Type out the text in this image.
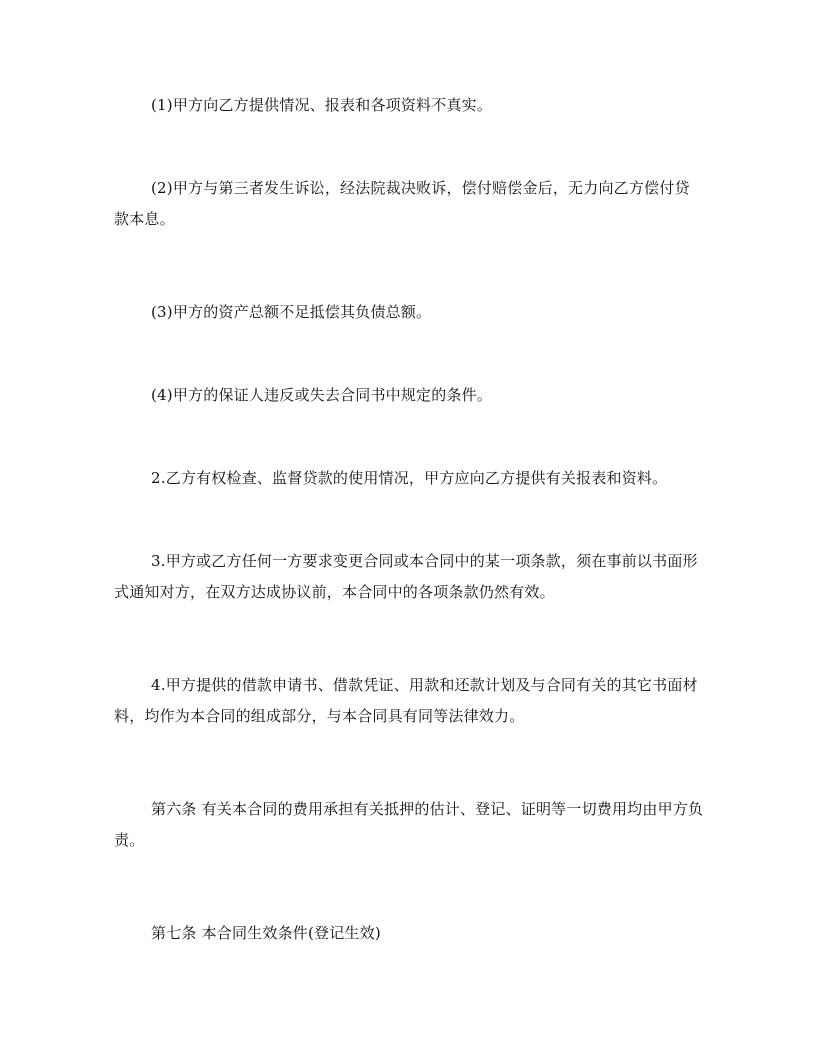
(1)甲方向乙方提供情况、报表和各项资料不真实。

(2)甲方与第三者发生诉讼，经法院裁决败诉，偿付赔偿金后，无力向乙方偿付贷款本息。

(3)甲方的资产总额不足抵偿其负债总额。

(4)甲方的保证人违反或失去合同书中规定的条件。

2.乙方有权检查、监督贷款的使用情况，甲方应向乙方提供有关报表和资料。

3.甲方或乙方任何一方要求变更合同或本合同中的某一项条款，须在事前以书面形式通知对方，在双方达成协议前，本合同中的各项条款仍然有效。

4.甲方提供的借款申请书、借款凭证、用款和还款计划及与合同有关的其它书面材料，均作为本合同的组成部分，与本合同具有同等法律效力。

第六条 有关本合同的费用承担有关抵押的估计、登记、证明等一切费用均由甲方负责。

第七条 本合同生效条件(登记生效)
